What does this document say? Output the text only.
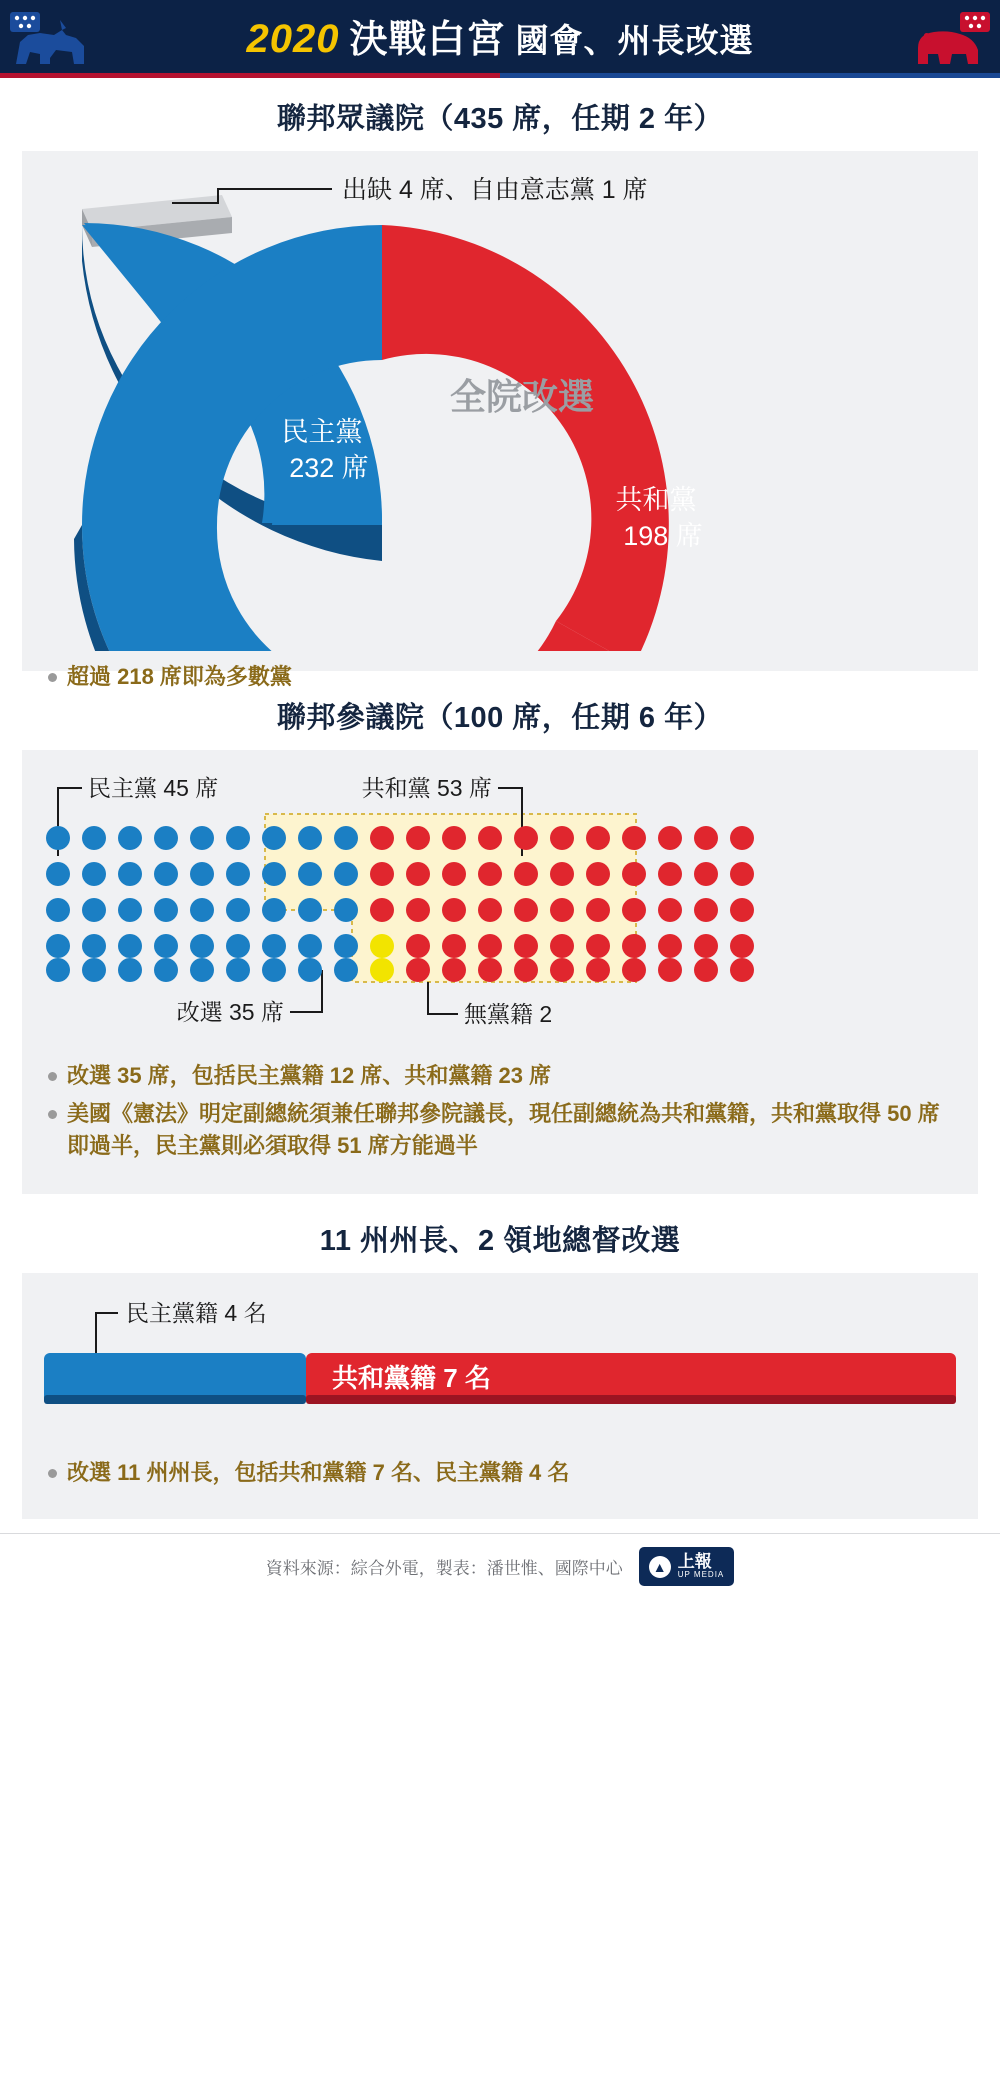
2020 決戰白宮 國會、州長改選
聯邦眾議院（435 席，任期 2 年）
出缺 4 席、自由意志黨 1 席
全院改選
民主黨
232 席
共和黨
198 席
超過 218 席即為多數黨
聯邦參議院（100 席，任期 6 年）
民主黨 45 席	共和黨 53 席
改選 35 席	無黨籍 2
改選 35 席，包括民主黨籍 12 席、共和黨籍 23 席
美國《憲法》明定副總統須兼任聯邦參院議長，現任副總統為共和黨籍，共和黨取得 50 席即過半，民主黨則必須取得 51 席方能過半
11 州州長、2 領地總督改選
民主黨籍 4 名
共和黨籍 7 名
改選 11 州州長，包括共和黨籍 7 名、民主黨籍 4 名
資料來源：綜合外電，製表：潘世惟、國際中心 ▲ 上報
UP MEDIA
